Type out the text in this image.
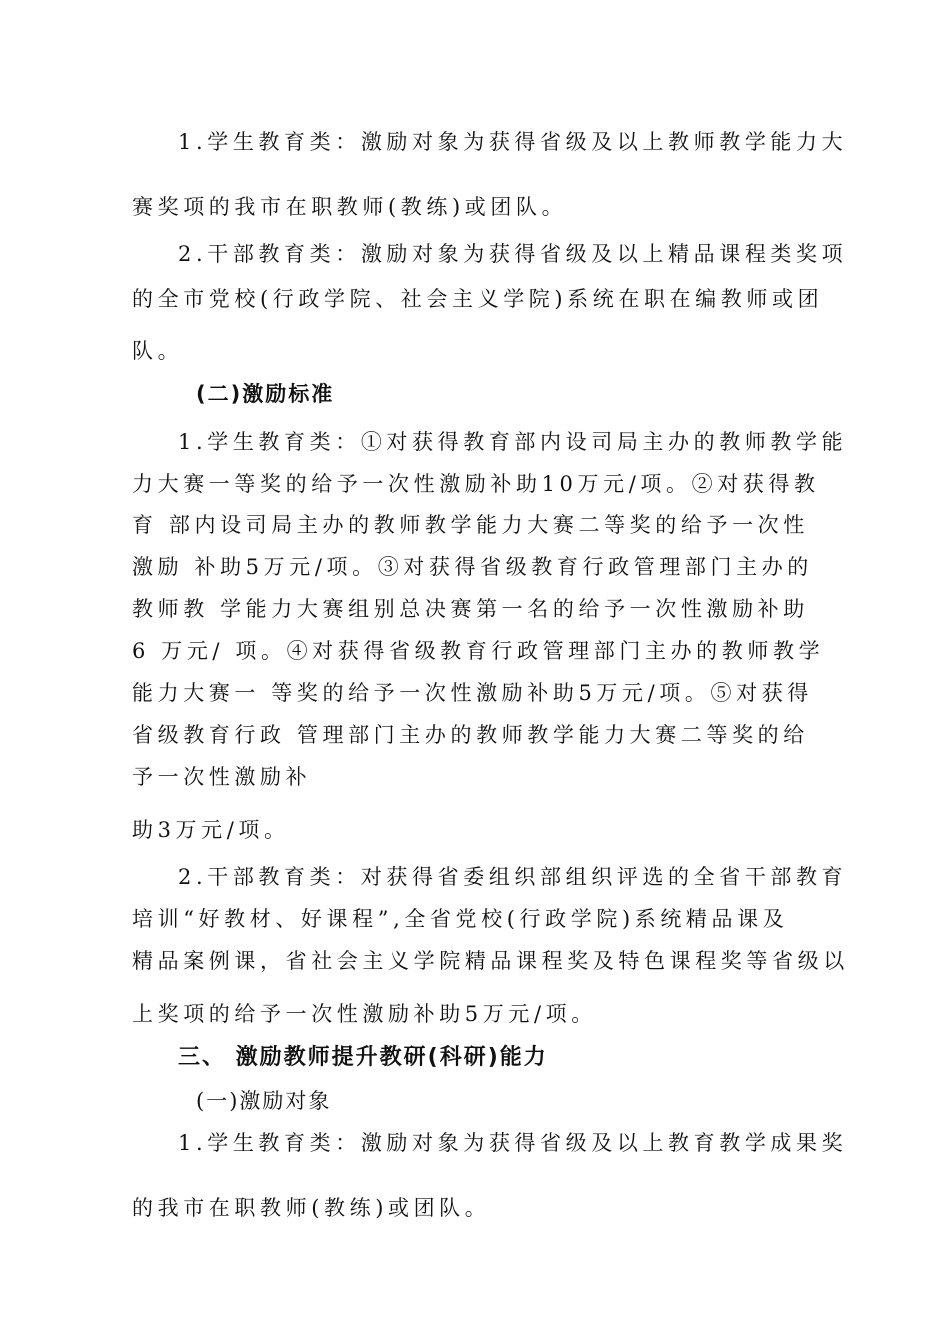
1.学生教育类：激励对象为获得省级及以上教师教学能力大
赛奖项的我市在职教师(教练)或团队。
2.干部教育类：激励对象为获得省级及以上精品课程类奖项
的全市党校(行政学院、社会主义学院)系统在职在编教师或团
队。
(二)激励标准
1.学生教育类：①对获得教育部内设司局主办的教师教学能
力大赛一等奖的给予一次性激励补助10万元/项。②对获得教
育 部内设司局主办的教师教学能力大赛二等奖的给予一次性
激励 补助5万元/项。③对获得省级教育行政管理部门主办的
教师教 学能力大赛组别总决赛第一名的给予一次性激励补助
6 万元/ 项。④对获得省级教育行政管理部门主办的教师教学
能力大赛一 等奖的给予一次性激励补助5万元/项。⑤对获得
省级教育行政 管理部门主办的教师教学能力大赛二等奖的给
予一次性激励补
助3万元/项。
2.干部教育类：对获得省委组织部组织评选的全省干部教育
培训“好教材、好课程”,全省党校(行政学院)系统精品课及
精品案例课，省社会主义学院精品课程奖及特色课程奖等省级以
上奖项的给予一次性激励补助5万元/项。
三、 激励教师提升教研(科研)能力
(一)激励对象
1.学生教育类：激励对象为获得省级及以上教育教学成果奖
的我市在职教师(教练)或团队。
